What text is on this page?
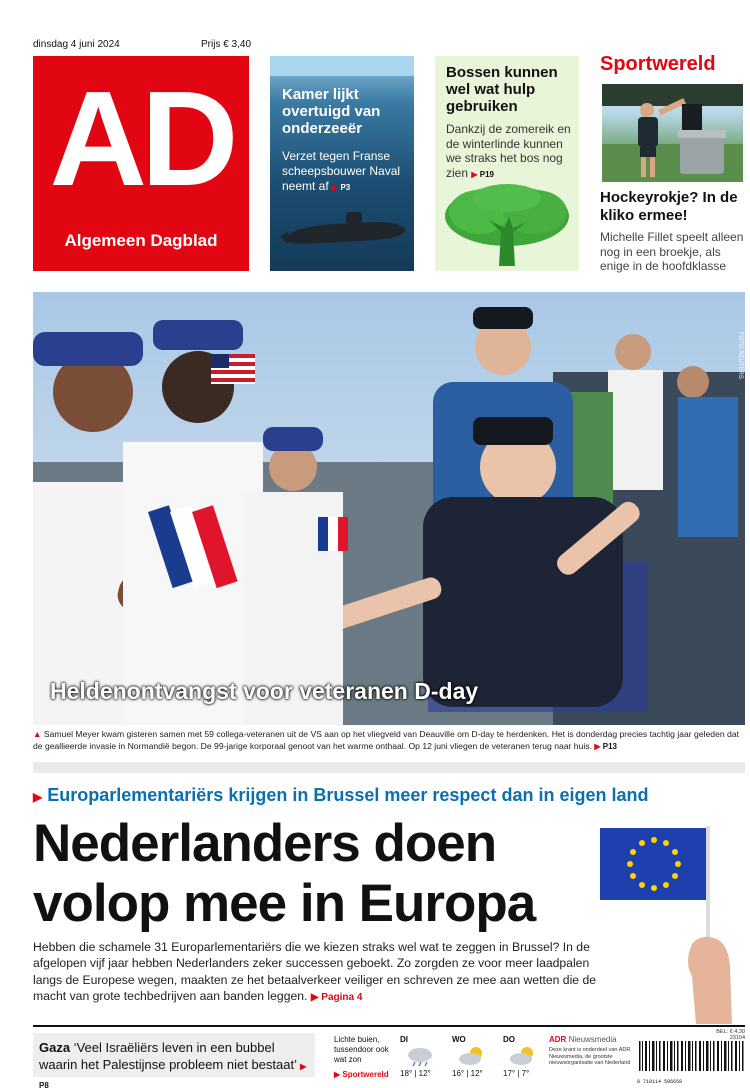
dinsdag 4 juni 2024	Prijs € 3,40
AD
Algemeen Dagblad
Kamer lijkt overtuigd van onderzeeër

Verzet tegen Franse scheepsbouwer Naval neemt af ▶ P3

Bossen kunnen wel wat hulp gebruiken

Dankzij de zomereik en de winterlinde kunnen we straks het bos nog zien ▶ P19

Sportwereld
Hockeyrokje? In de kliko ermee!

Michelle Fillet speelt alleen nog in een broekje, als enige in de hoofdklasse

FOTO REUTERS
Heldenontvangst voor veteranen D-day
▲ Samuel Meyer kwam gisteren samen met 59 collega-veteranen uit de VS aan op het vliegveld van Deauville om D-day te herdenken. Het is donderdag precies tachtig jaar geleden dat de geallieerde invasie in Normandië begon. De 99-jarige korporaal genoot van het warme onthaal. Op 12 juni vliegen de veteranen terug naar huis. ▶ P13
▶ Europarlementariërs krijgen in Brussel meer respect dan in eigen land
Nederlanders doen volop mee in Europa
Hebben die schamele 31 Europarlementariërs die we kiezen straks wel wat te zeggen in Brussel? In de afgelopen vijf jaar hebben Nederlanders zeker successen geboekt. Zo zorgden ze voor meer laadpalen langs de Europese wegen, maakten ze het betaalverkeer veiliger en schreven ze mee aan wetten die de macht van grote techbedrijven aan banden leggen. ▶ Pagina 4
Gaza ‘Veel Israëliërs leven in een bubbel waarin het Palestijnse probleem niet bestaat’ ▶ P8
Lichte buien, tussendoor ook wat zon
▶ Sportwereld
DI
18° | 12°
WO
16° | 12°
DO
17° | 7°
ADR Nieuwsmedia
Deze krant is onderdeel van ADR Nieuwsmedia, de grootste nieuwsorganisatie van Nederland
BEL: € 4,30
23104
8 710114 506658
